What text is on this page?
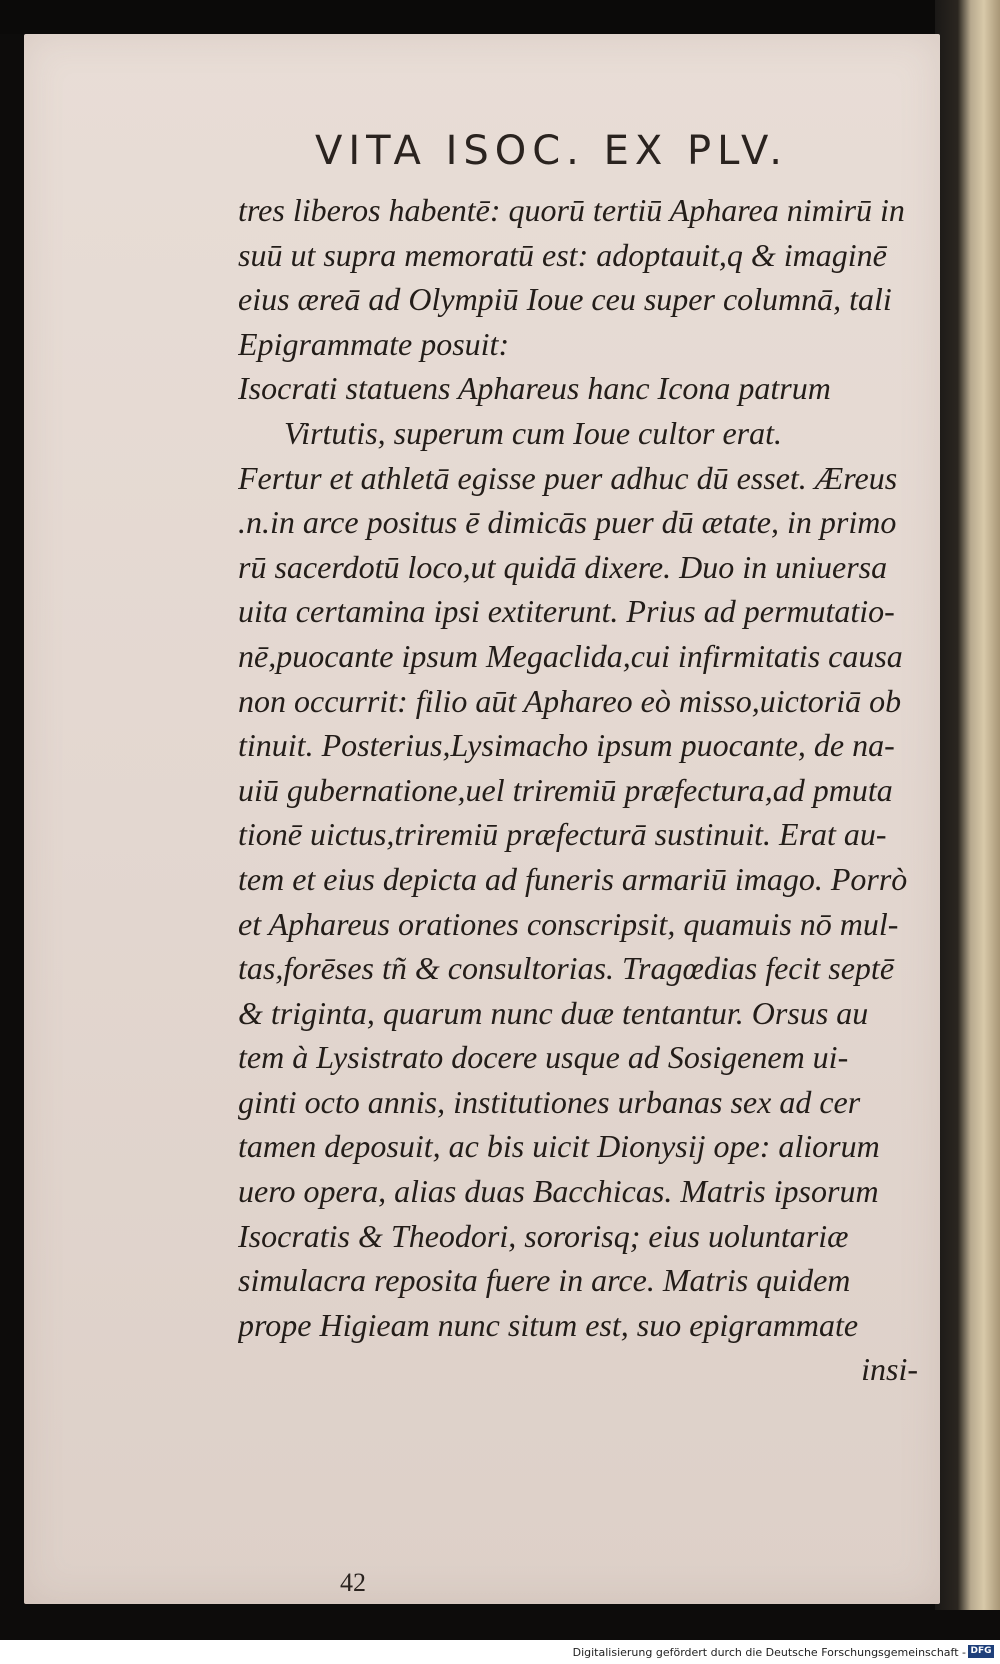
VITA ISOC. EX PLV.
tres liberos habentē: quorū tertiū Apharea nimirū in
suū ut supra memoratū est: adoptauit,q & imaginē
eius æreā ad Olympiū Ioue ceu super columnā, tali
Epigrammate posuit:
Isocrati statuens Aphareus hanc Icona patrum
Virtutis, superum cum Ioue cultor erat.
Fertur et athletā egisse puer adhuc dū esset. Æreus
.n.in arce positus ē dimicās puer dū ætate, in primo
rū sacerdotū loco,ut quidā dixere. Duo in uniuersa
uita certamina ipsi extiterunt. Prius ad permutatio-
nē,puocante ipsum Megaclida,cui infirmitatis causa
non occurrit: filio aūt Aphareo eò misso,uictoriā ob
tinuit. Posterius,Lysimacho ipsum puocante, de na-
uiū gubernatione,uel triremiū præfectura,ad pmuta
tionē uictus,triremiū præfecturā sustinuit. Erat au-
tem et eius depicta ad funeris armariū imago. Porrò
et Aphareus orationes conscripsit, quamuis nō mul-
tas,forēses tñ & consultorias. Tragœdias fecit septē
& triginta, quarum nunc duæ tentantur. Orsus au
tem à Lysistrato docere usque ad Sosigenem ui-
ginti octo annis, institutiones urbanas sex ad cer
tamen deposuit, ac bis uicit Dionysij ope: aliorum
uero opera, alias duas Bacchicas. Matris ipsorum
Isocratis & Theodori, sororisq; eius uoluntariæ
simulacra reposita fuere in arce. Matris quidem
prope Higieam nunc situm est, suo epigrammate
insi-
42
Digitalisierung gefördert durch die Deutsche Forschungsgemeinschaft - DFG
